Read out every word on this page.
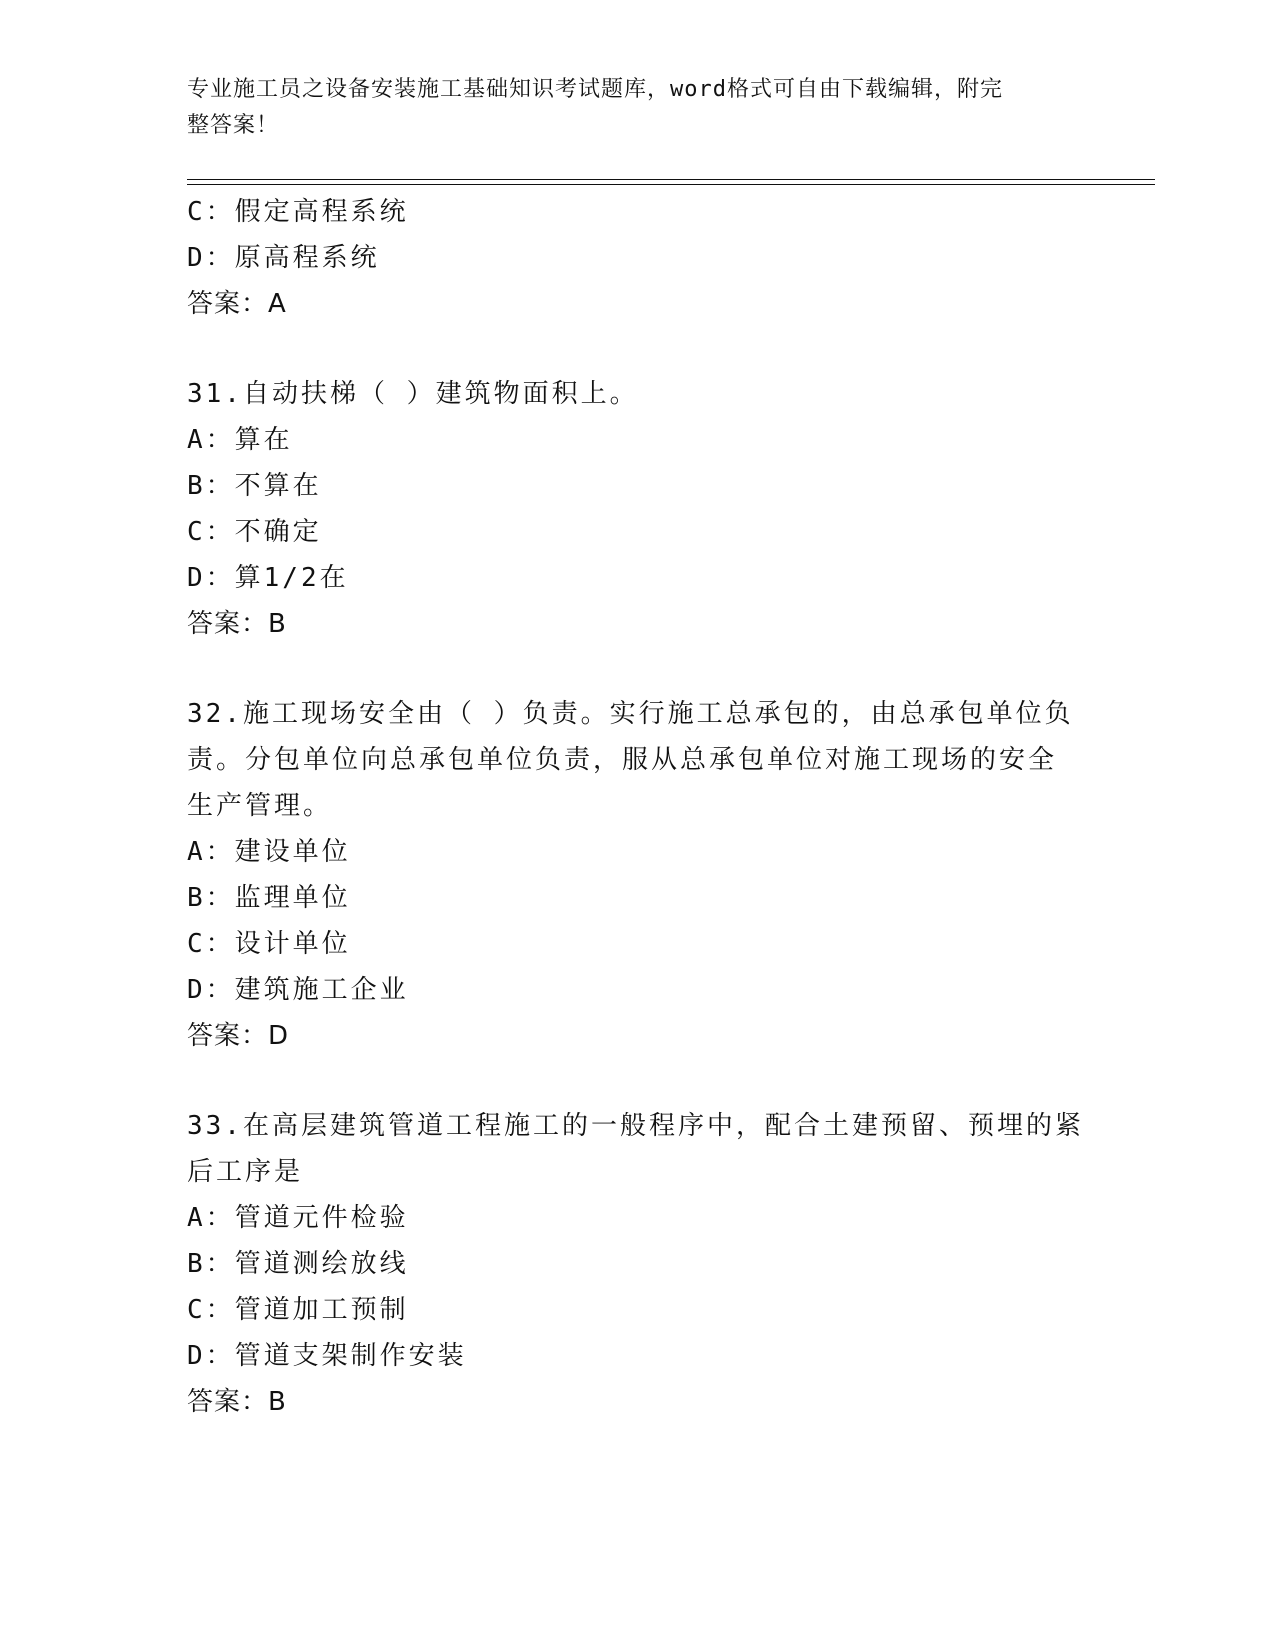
专业施工员之设备安装施工基础知识考试题库，word格式可自由下载编辑，附完
整答案！
C：假定高程系统
D：原高程系统
答案：A
31.自动扶梯（ ）建筑物面积上。
A：算在
B：不算在
C：不确定
D：算1/2在
答案：B
32.施工现场安全由（ ）负责。实行施工总承包的，由总承包单位负
责。分包单位向总承包单位负责，服从总承包单位对施工现场的安全
生产管理。
A：建设单位
B：监理单位
C：设计单位
D：建筑施工企业
答案：D
33.在高层建筑管道工程施工的一般程序中，配合土建预留、预埋的紧
后工序是
A：管道元件检验
B：管道测绘放线
C：管道加工预制
D：管道支架制作安装
答案：B
